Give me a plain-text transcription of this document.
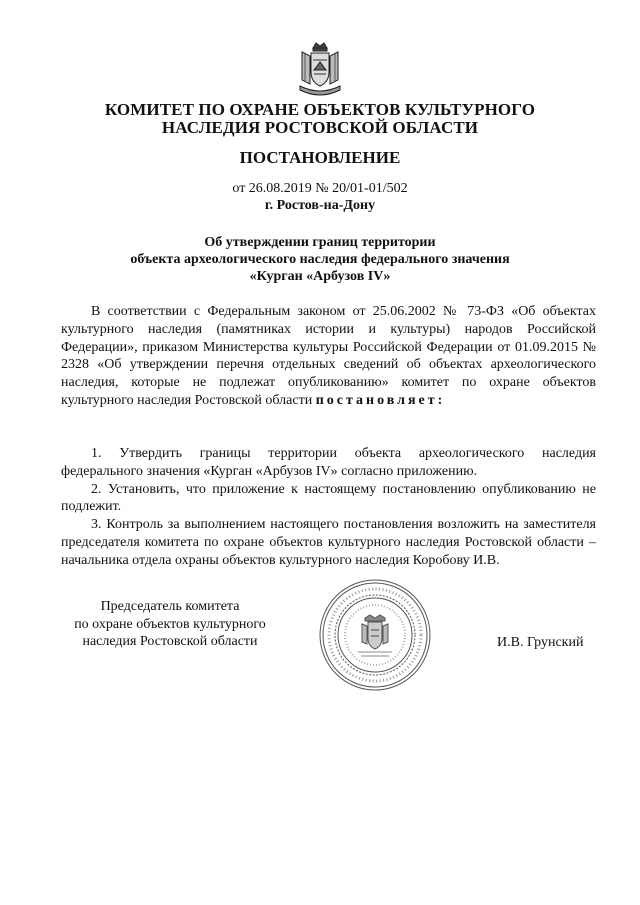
КОМИТЕТ ПО ОХРАНЕ ОБЪЕКТОВ КУЛЬТУРНОГО
НАСЛЕДИЯ РОСТОВСКОЙ ОБЛАСТИ
ПОСТАНОВЛЕНИЕ
от 26.08.2019 № 20/01-01/502
г. Ростов-на-Дону
Об утверждении границ территории
объекта археологического наследия федерального значения
«Курган «Арбузов IV»
В соответствии с Федеральным законом от 25.06.2002 № 73-ФЗ «Об объектах культурного наследия (памятниках истории и культуры) народов Российской Федерации», приказом Министерства культуры Российской Федерации от 01.09.2015 № 2328 «Об утверждении перечня отдельных сведений об объектах археологического наследия, которые не подлежат опубликованию» комитет по охране объектов культурного наследия Ростовской области постановляет:

1. Утвердить границы территории объекта археологического наследия федерального значения «Курган «Арбузов IV» согласно приложению.

2. Установить, что приложение к настоящему постановлению опубликованию не подлежит.

3. Контроль за выполнением настоящего постановления возложить на заместителя председателя комитета по охране объектов культурного наследия Ростовской области – начальника отдела охраны объектов культурного наследия Коробову И.В.

Председатель комитета
по охране объектов культурного
наследия Ростовской области	И.В. Грунский
